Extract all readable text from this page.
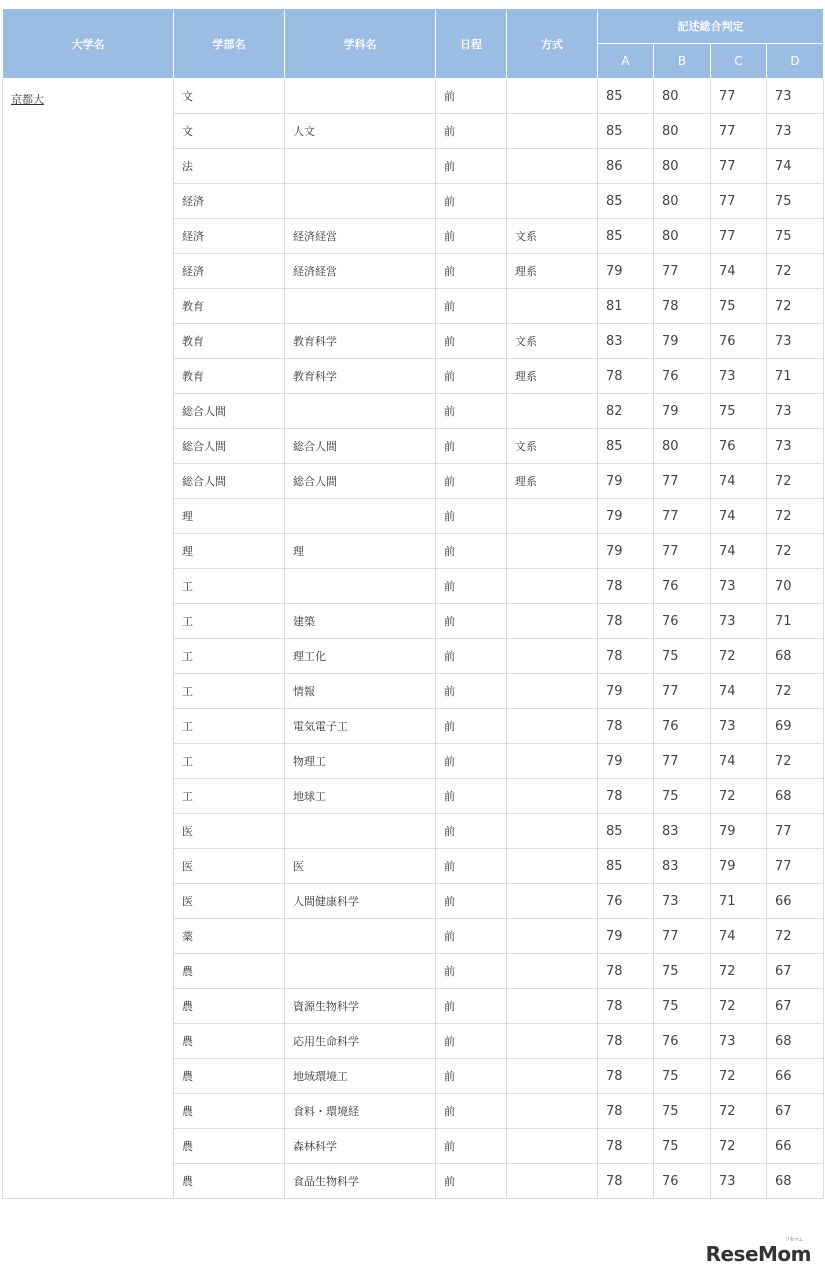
大学名	学部名	学科名	日程	方式	記述総合判定			
					A	B	C	D
京都大	文		前		85	80	77	73
	文	人文	前		85	80	77	73
	法		前		86	80	77	74
	経済		前		85	80	77	75
	経済	経済経営	前	文系	85	80	77	75
	経済	経済経営	前	理系	79	77	74	72
	教育		前		81	78	75	72
	教育	教育科学	前	文系	83	79	76	73
	教育	教育科学	前	理系	78	76	73	71
	総合人間		前		82	79	75	73
	総合人間	総合人間	前	文系	85	80	76	73
	総合人間	総合人間	前	理系	79	77	74	72
	理		前		79	77	74	72
	理	理	前		79	77	74	72
	工		前		78	76	73	70
	工	建築	前		78	76	73	71
	工	理工化	前		78	75	72	68
	工	情報	前		79	77	74	72
	工	電気電子工	前		78	76	73	69
	工	物理工	前		79	77	74	72
	工	地球工	前		78	75	72	68
	医		前		85	83	79	77
	医	医	前		85	83	79	77
	医	人間健康科学	前		76	73	71	66
	薬		前		79	77	74	72
	農		前		78	75	72	67
	農	資源生物科学	前		78	75	72	67
	農	応用生命科学	前		78	76	73	68
	農	地域環境工	前		78	75	72	66
	農	食料・環境経	前		78	75	72	67
	農	森林科学	前		78	75	72	66
	農	食品生物科学	前		78	76	73	68
リセマム
ReseMom
